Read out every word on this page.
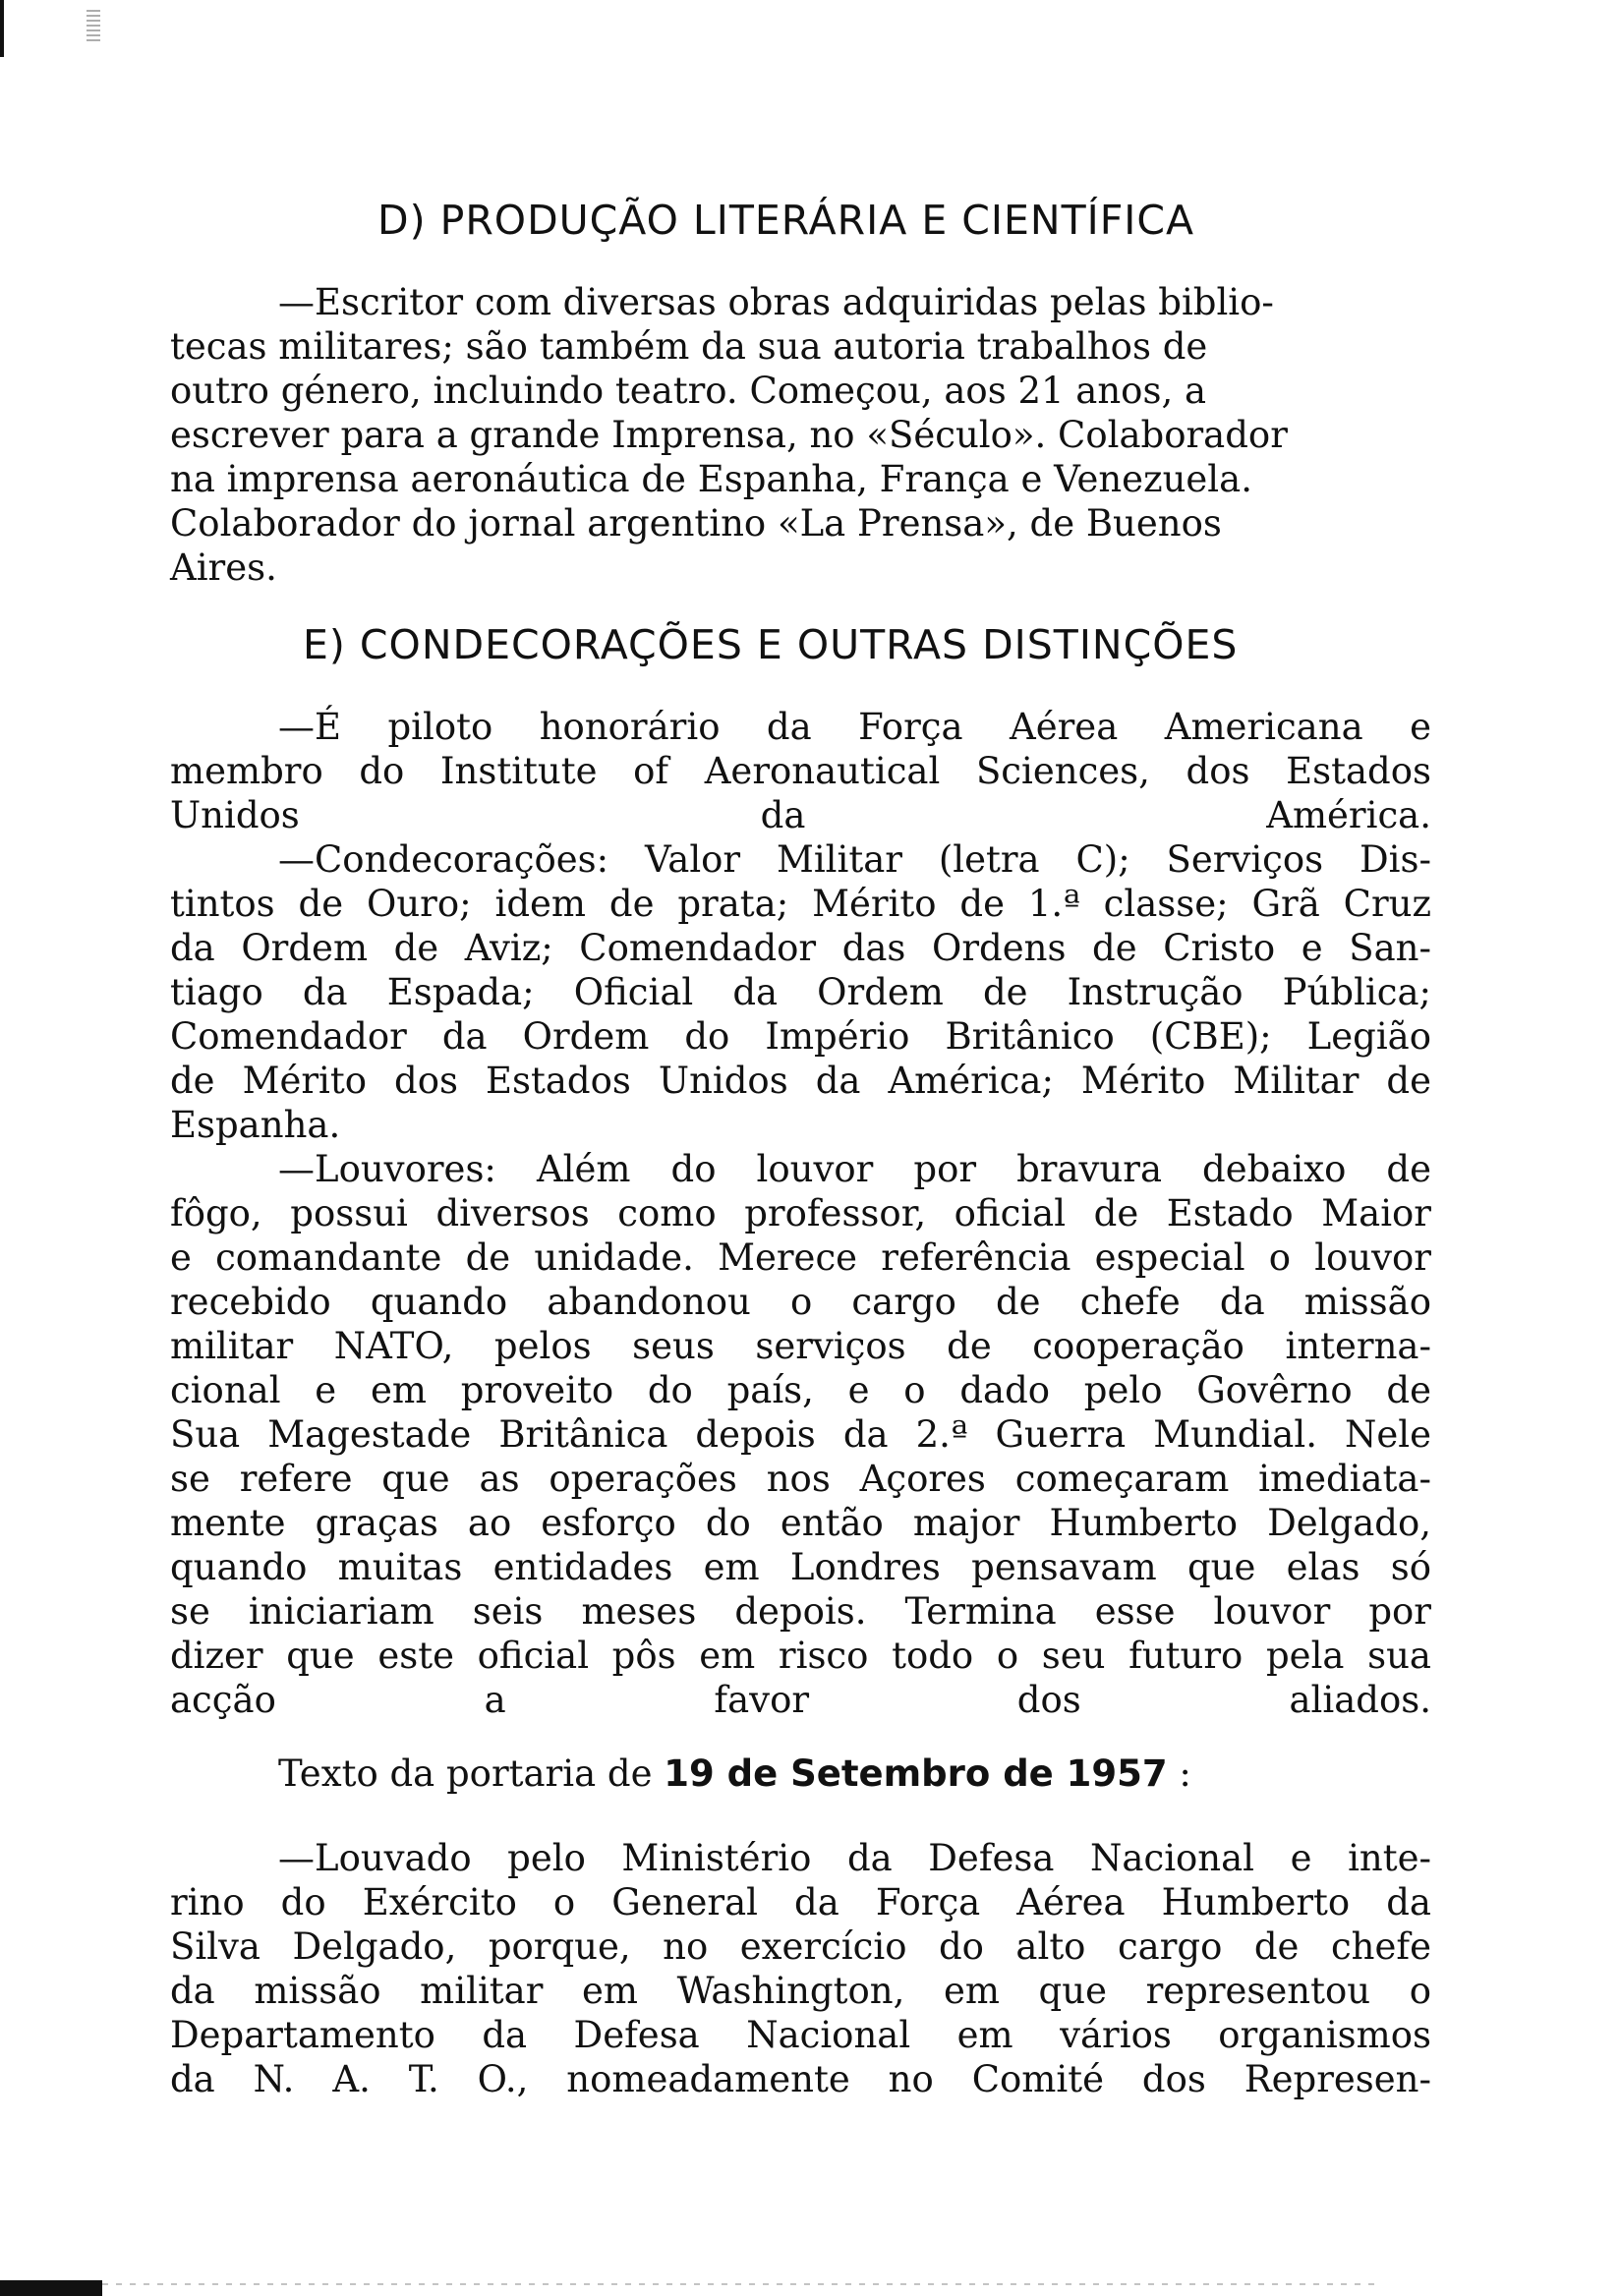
D) PRODUÇÃO LITERÁRIA E CIENTÍFICA
—Escritor com diversas obras adquiridas pelas biblio-
tecas militares; são também da sua autoria trabalhos de
outro género, incluindo teatro. Começou, aos 21 anos, a
escrever para a grande Imprensa, no «Século». Colaborador
na imprensa aeronáutica de Espanha, França e Venezuela.
Colaborador do jornal argentino «La Prensa», de Buenos
Aires.
E) CONDECORAÇÕES E OUTRAS DISTINÇÕES
—É piloto honorário da Força Aérea Americana e
membro do Institute of Aeronautical Sciences, dos Estados
Unidos da América.
—Condecorações: Valor Militar (letra C); Serviços Dis-
tintos de Ouro; idem de prata; Mérito de 1.ª classe; Grã Cruz
da Ordem de Aviz; Comendador das Ordens de Cristo e San-
tiago da Espada; Oficial da Ordem de Instrução Pública;
Comendador da Ordem do Império Britânico (CBE); Legião
de Mérito dos Estados Unidos da América; Mérito Militar de
Espanha.
—Louvores: Além do louvor por bravura debaixo de
fôgo, possui diversos como professor, oficial de Estado Maior
e comandante de unidade. Merece referência especial o louvor
recebido quando abandonou o cargo de chefe da missão
militar NATO, pelos seus serviços de cooperação interna-
cional e em proveito do país, e o dado pelo Govêrno de
Sua Magestade Britânica depois da 2.ª Guerra Mundial. Nele
se refere que as operações nos Açores começaram imediata-
mente graças ao esforço do então major Humberto Delgado,
quando muitas entidades em Londres pensavam que elas só
se iniciariam seis meses depois. Termina esse louvor por
dizer que este oficial pôs em risco todo o seu futuro pela sua
acção a favor dos aliados.
Texto da portaria de 19 de Setembro de 1957 :
—Louvado pelo Ministério da Defesa Nacional e inte-
rino do Exército o General da Força Aérea Humberto da
Silva Delgado, porque, no exercício do alto cargo de chefe
da missão militar em Washington, em que representou o
Departamento da Defesa Nacional em vários organismos
da N. A. T. O., nomeadamente no Comité dos Represen-
